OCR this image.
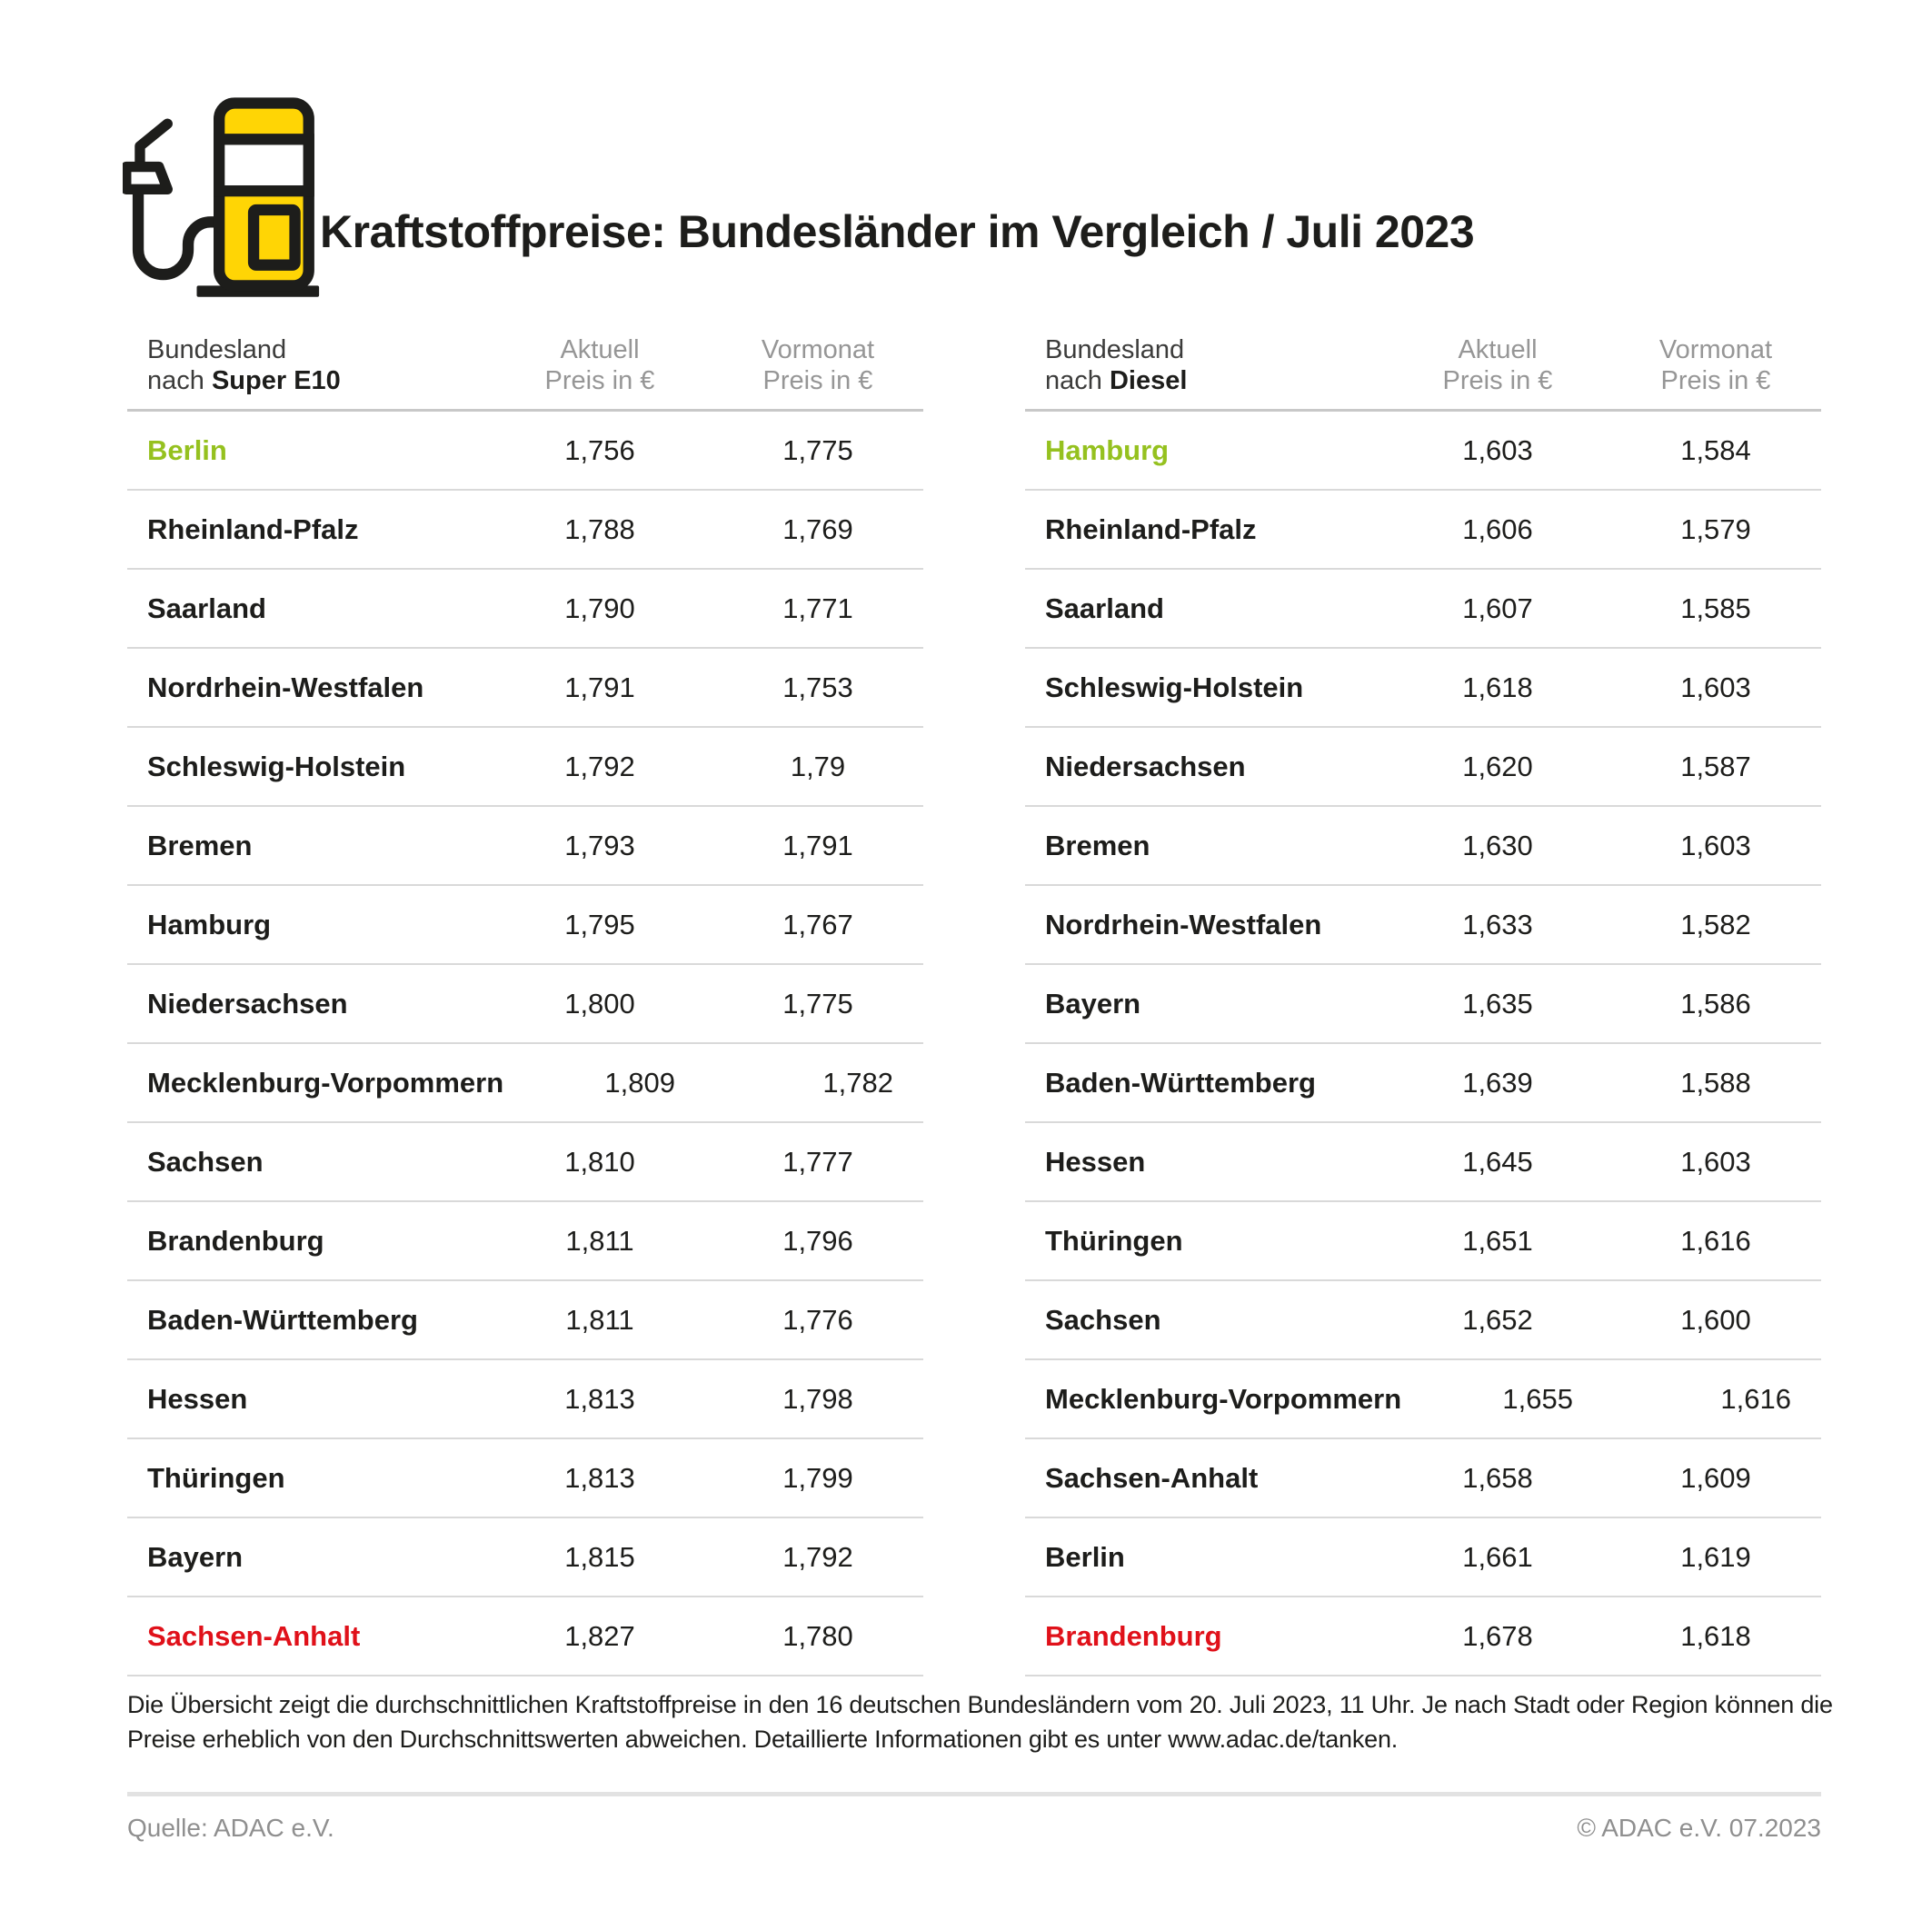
Kraftstoffpreise: Bundesländer im Vergleich / Juli 2023
Bundesland
nach Super E10
Aktuell
Preis in €
Vormonat
Preis in €
Berlin	1,756	1,775
Rheinland-Pfalz	1,788	1,769
Saarland	1,790	1,771
Nordrhein-Westfalen	1,791	1,753
Schleswig-Holstein	1,792	1,79
Bremen	1,793	1,791
Hamburg	1,795	1,767
Niedersachsen	1,800	1,775
Mecklenburg-Vorpommern	1,809	1,782
Sachsen	1,810	1,777
Brandenburg	1,811	1,796
Baden-Württemberg	1,811	1,776
Hessen	1,813	1,798
Thüringen	1,813	1,799
Bayern	1,815	1,792
Sachsen-Anhalt	1,827	1,780
Bundesland
nach Diesel
Aktuell
Preis in €
Vormonat
Preis in €
Hamburg	1,603	1,584
Rheinland-Pfalz	1,606	1,579
Saarland	1,607	1,585
Schleswig-Holstein	1,618	1,603
Niedersachsen	1,620	1,587
Bremen	1,630	1,603
Nordrhein-Westfalen	1,633	1,582
Bayern	1,635	1,586
Baden-Württemberg	1,639	1,588
Hessen	1,645	1,603
Thüringen	1,651	1,616
Sachsen	1,652	1,600
Mecklenburg-Vorpommern	1,655	1,616
Sachsen-Anhalt	1,658	1,609
Berlin	1,661	1,619
Brandenburg	1,678	1,618

Die Übersicht zeigt die durchschnittlichen Kraftstoffpreise in den 16 deutschen Bundesländern vom 20. Juli 2023, 11 Uhr. Je nach Stadt oder Region können die
Preise erheblich von den Durchschnittswerten abweichen. Detaillierte Informationen gibt es unter www.adac.de/tanken.

Quelle: ADAC e.V.	© ADAC e.V. 07.2023
